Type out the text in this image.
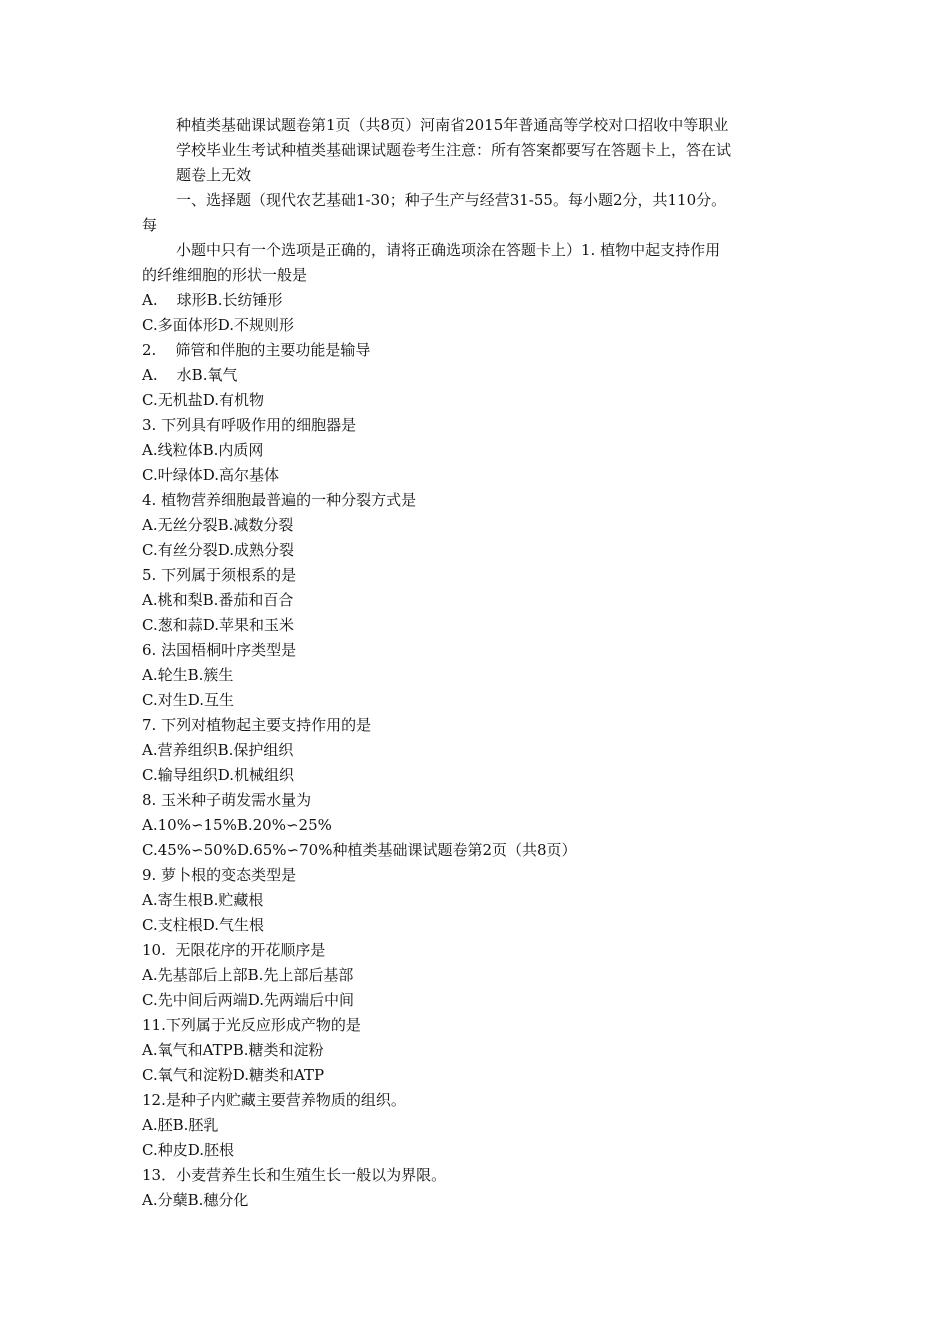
种植类基础课试题卷第1页（共8页）河南省2015年普通高等学校对口招收中等职业

学校毕业生考试种植类基础课试题卷考生注意：所有答案都要写在答题卡上，答在试

题卷上无效

一、选择题（现代农艺基础1-30；种子生产与经营31-55。每小题2分，共110分。

每

小题中只有一个选项是正确的，请将正确选项涂在答题卡上）1. 植物中起支持作用

的纤维细胞的形状一般是

A.    球形B.长纺锤形

C.多面体形D.不规则形

2.    筛管和伴胞的主要功能是输导

A.    水B.氧气

C.无机盐D.有机物

3. 下列具有呼吸作用的细胞器是

A.线粒体B.内质网

C.叶绿体D.高尔基体

4. 植物营养细胞最普遍的一种分裂方式是

A.无丝分裂B.减数分裂

C.有丝分裂D.成熟分裂

5. 下列属于须根系的是

A.桃和梨B.番茄和百合

C.葱和蒜D.苹果和玉米

6. 法国梧桐叶序类型是

A.轮生B.簇生

C.对生D.互生

7. 下列对植物起主要支持作用的是

A.营养组织B.保护组织

C.输导组织D.机械组织

8. 玉米种子萌发需水量为

A.10%∽15%B.20%∽25%

C.45%∽50%D.65%∽70%种植类基础课试题卷第2页（共8页）

9. 萝卜根的变态类型是

A.寄生根B.贮藏根

C.支柱根D.气生根

10.  无限花序的开花顺序是

A.先基部后上部B.先上部后基部

C.先中间后两端D.先两端后中间

11.下列属于光反应形成产物的是

A.氧气和ATPB.糖类和淀粉

C.氧气和淀粉D.糖类和ATP

12.是种子内贮藏主要营养物质的组织。

A.胚B.胚乳

C.种皮D.胚根

13．小麦营养生长和生殖生长一般以为界限。

A.分蘖B.穗分化
